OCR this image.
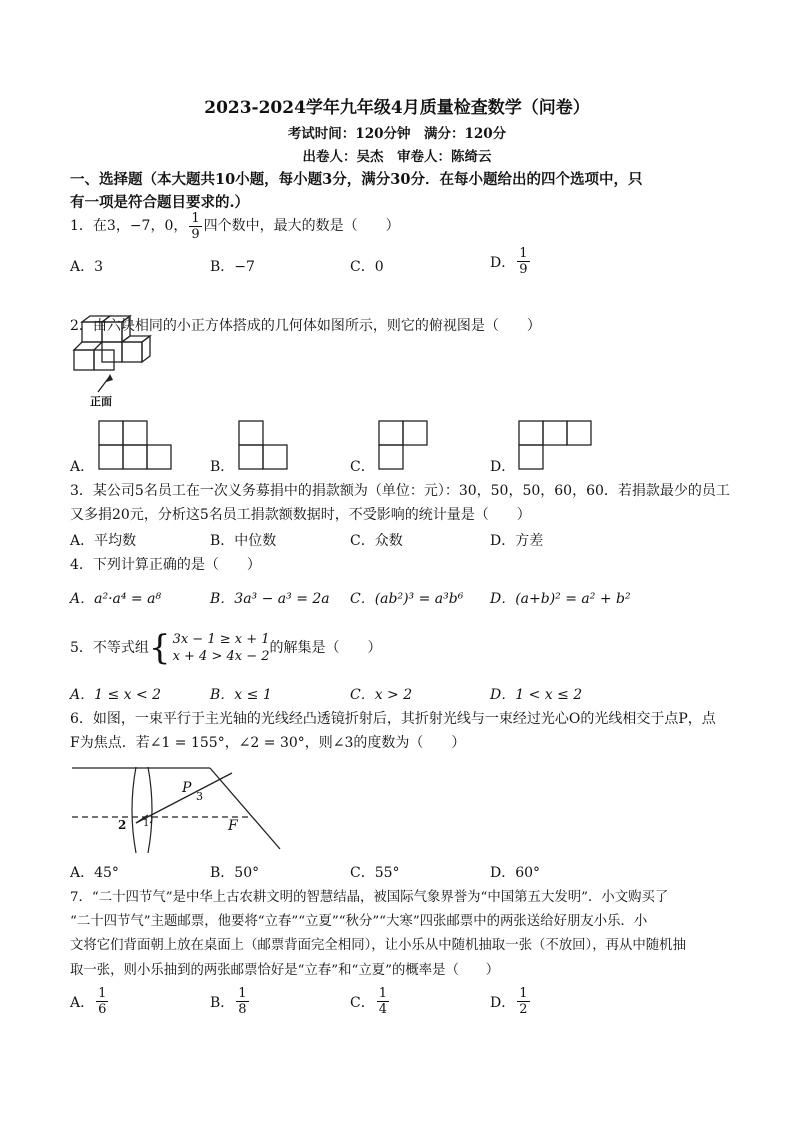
2023-2024学年九年级4月质量检查数学（问卷）
考试时间：120分钟　满分：120分
出卷人：吴杰　审卷人：陈绮云
一、选择题（本大题共10小题，每小题3分，满分30分．在每小题给出的四个选项中，只
有一项是符合题目要求的.）
1．在3，−7，0， $\frac{1}{9}$ 四个数中，最大的数是（　　）
A．3	B．−7	C．0	D． $\frac{1}{9}$
2．由六块相同的小正方体搭成的几何体如图所示，则它的俯视图是（　　）
正面
A．	B．	C．	D．
3．某公司5名员工在一次义务募捐中的捐款额为（单位：元）：30，50，50，60，60．若捐款最少的员工
又多捐20元，分析这5名员工捐款额数据时，不受影响的统计量是（　　）
A．平均数	B．中位数	C．众数	D．方差
4．下列计算正确的是（　　）
A．a²·a⁴ = a⁸	B．3a³ − a³ = 2a C．(ab²)³ = a³b⁶ D．(a+b)² = a² + b²
5．不等式组 { 3x − 1 ≥ x + 1
x + 4 > 4x − 2
的解集是（　　）
A．1 ≤ x < 2	B．x ≤ 1	C．x > 2	D．1 < x ≤ 2
6．如图，一束平行于主光轴的光线经凸透镜折射后，其折射光线与一束经过光心O的光线相交于点P，点
F为焦点．若∠1 = 155°，∠2 = 30°，则∠3的度数为（　　）
P
3
2 1	F
A．45°	B．50°	C．55°	D．60°
7．“二十四节气”是中华上古农耕文明的智慧结晶，被国际气象界誉为“中国第五大发明”．小文购买了
“二十四节气”主题邮票，他要将“立春”“立夏”“秋分”“大寒”四张邮票中的两张送给好朋友小乐．小
文将它们背面朝上放在桌面上（邮票背面完全相同），让小乐从中随机抽取一张（不放回），再从中随机抽
取一张，则小乐抽到的两张邮票恰好是“立春”和“立夏”的概率是（　　）
A． $\frac{1}{6}$	B． $\frac{1}{8}$	C． $\frac{1}{4}$	D． $\frac{1}{2}$
